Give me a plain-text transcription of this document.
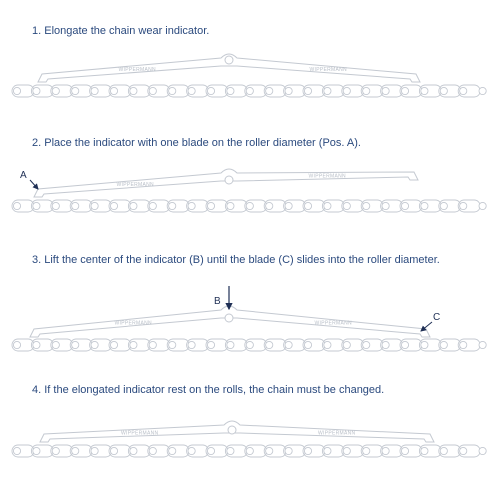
1. Elongate the chain wear indicator.
2. Place the indicator with one blade on the roller diameter (Pos. A).
3. Lift the center of the indicator (B) until the blade (C) slides into the roller diameter.
4. If the elongated indicator rest on the rolls, the chain must be changed.
WIPPERMANN	WIPPERMANN
WIPPERMANN
WIPPERMANN
WIPPERMANN	WIPPERMANN
WIPPERMANN	WIPPERMANN
A
B
C
